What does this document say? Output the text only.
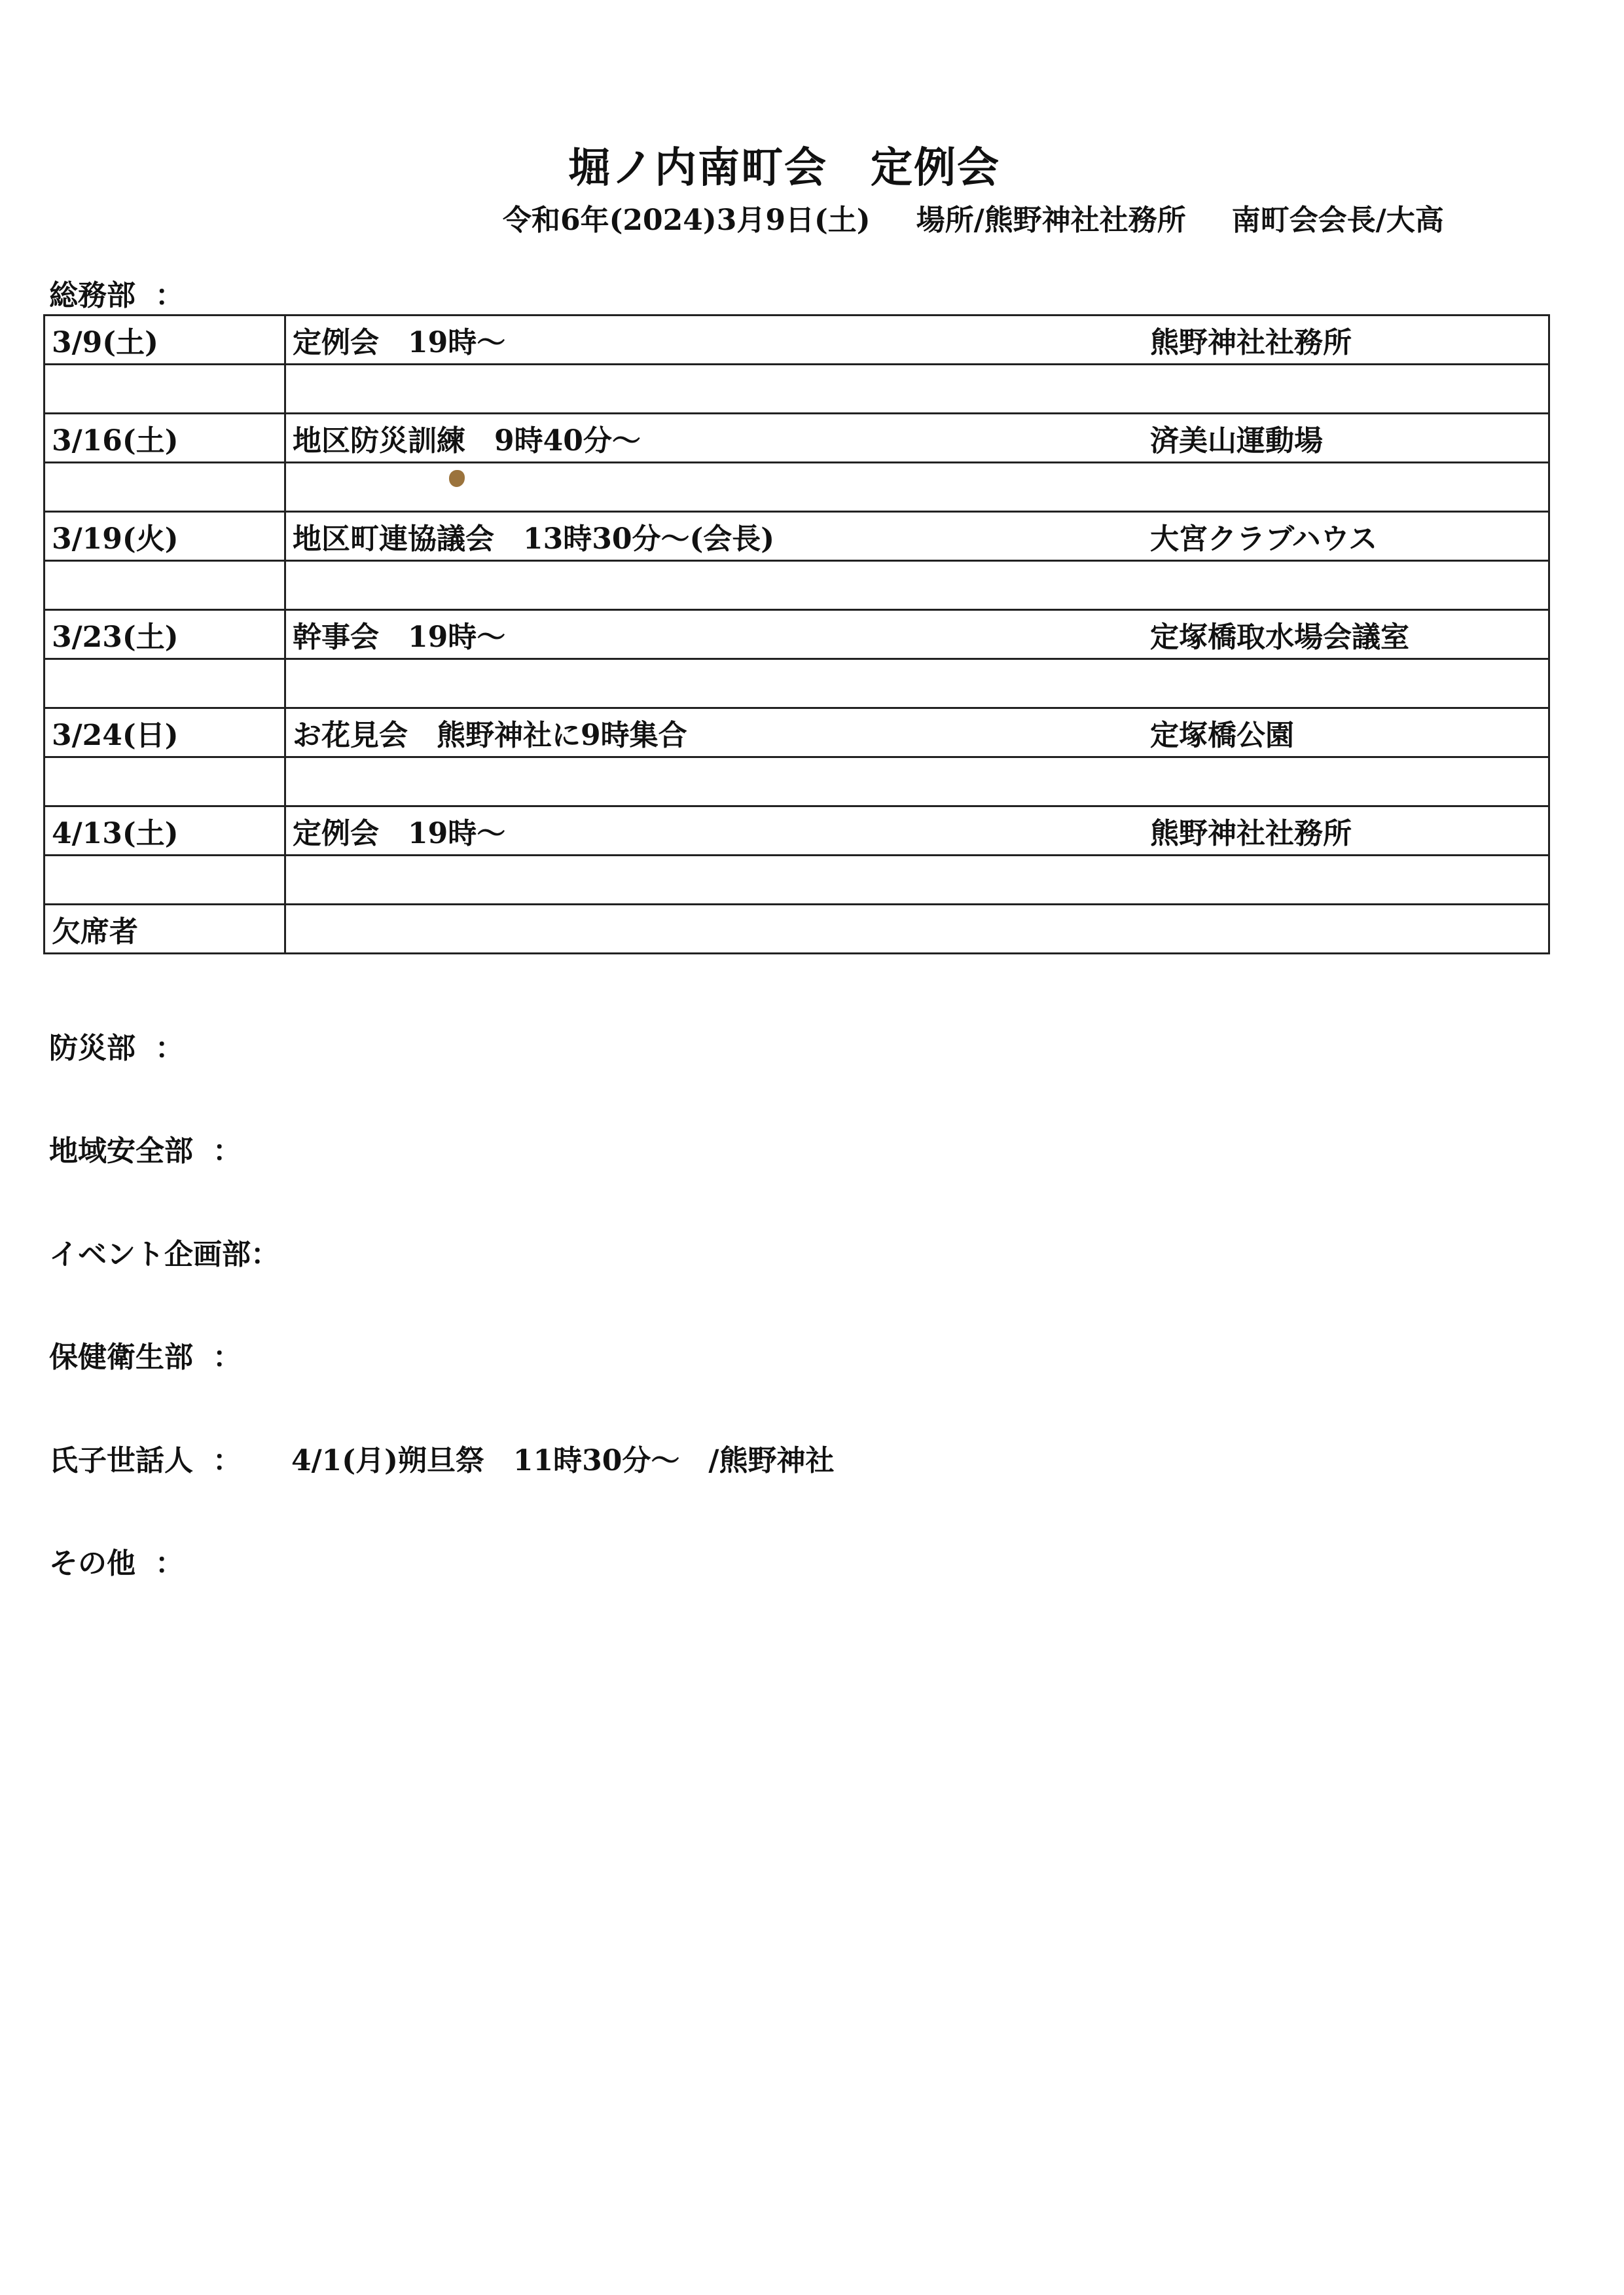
堀ノ内南町会　定例会
令和6年(2024)3月9日(土) 場所/熊野神社社務所 南町会会長/大高
総務部 ：
3/9(土)	定例会　19時～ 熊野神社社務所

3/16(土)	地区防災訓練　9時40分～ 済美山運動場

3/19(火)	地区町連協議会　13時30分～(会長) 大宮クラブハウス

3/23(土)	幹事会　19時～ 定塚橋取水場会議室

3/24(日)	お花見会　熊野神社に9時集合 定塚橋公園

4/13(土)	定例会　19時～ 熊野神社社務所

欠席者	
防災部 ：
地域安全部 ：
イベント企画部：
保健衛生部 ：
氏子世話人 ： 4/1(月)朔旦祭　11時30分～　/熊野神社
その他 ：
